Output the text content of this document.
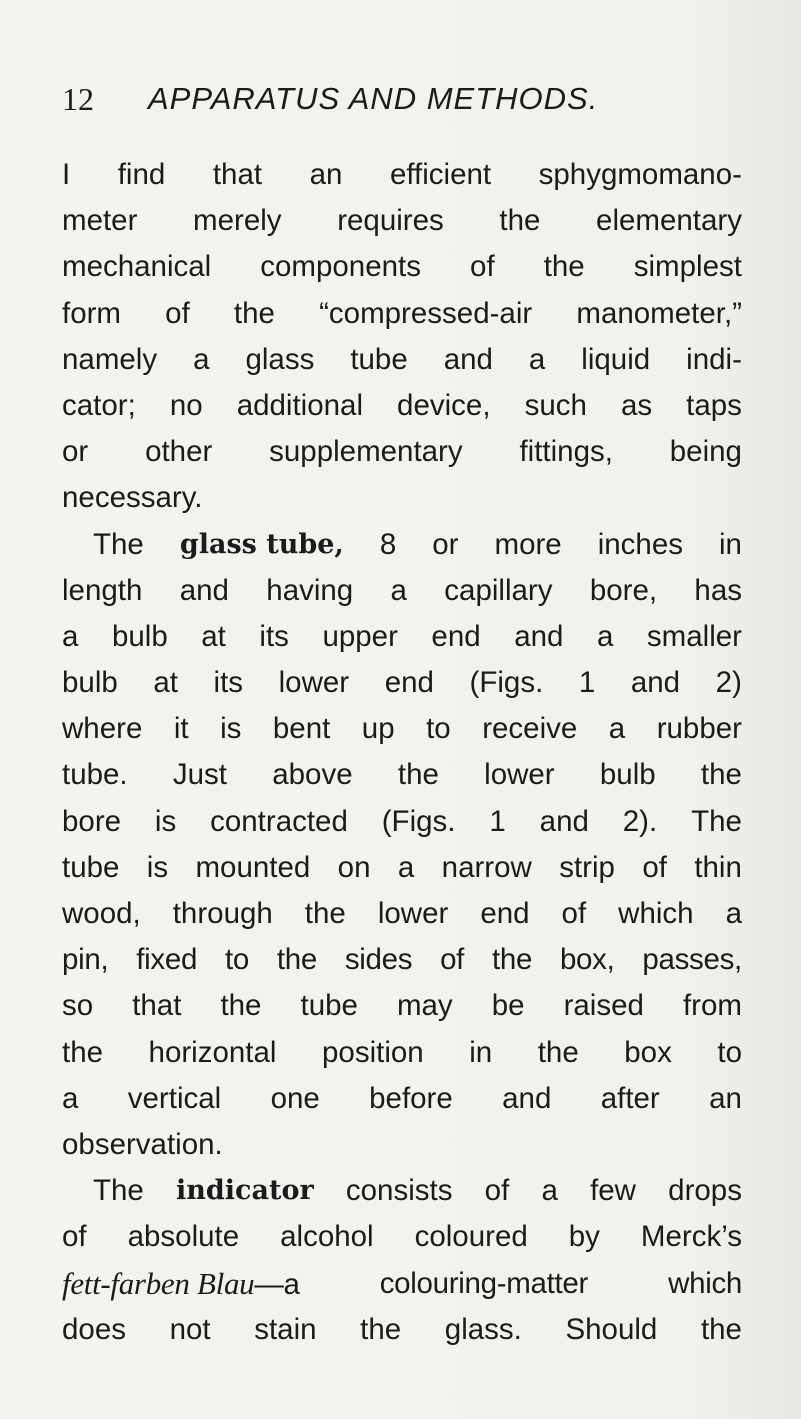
12 APPARATUS AND METHODS.
I find that an efficient sphygmomano-
meter merely requires the elementary
mechanical components of the simplest
form of the “compressed-air manometer,”
namely a glass tube and a liquid indi-
cator; no additional device, such as taps
or other supplementary fittings, being
necessary.
The glass tube, 8 or more inches in
length and having a capillary bore, has
a bulb at its upper end and a smaller
bulb at its lower end (Figs. 1 and 2)
where it is bent up to receive a rubber
tube. Just above the lower bulb the
bore is contracted (Figs. 1 and 2). The
tube is mounted on a narrow strip of thin
wood, through the lower end of which a
pin, fixed to the sides of the box, passes,
so that the tube may be raised from
the horizontal position in the box to
a vertical one before and after an
observation.
The indicator consists of a few drops
of absolute alcohol coloured by Merck’s
fett-farben Blau—a	colouring-matter	which
does not stain the glass. Should the
